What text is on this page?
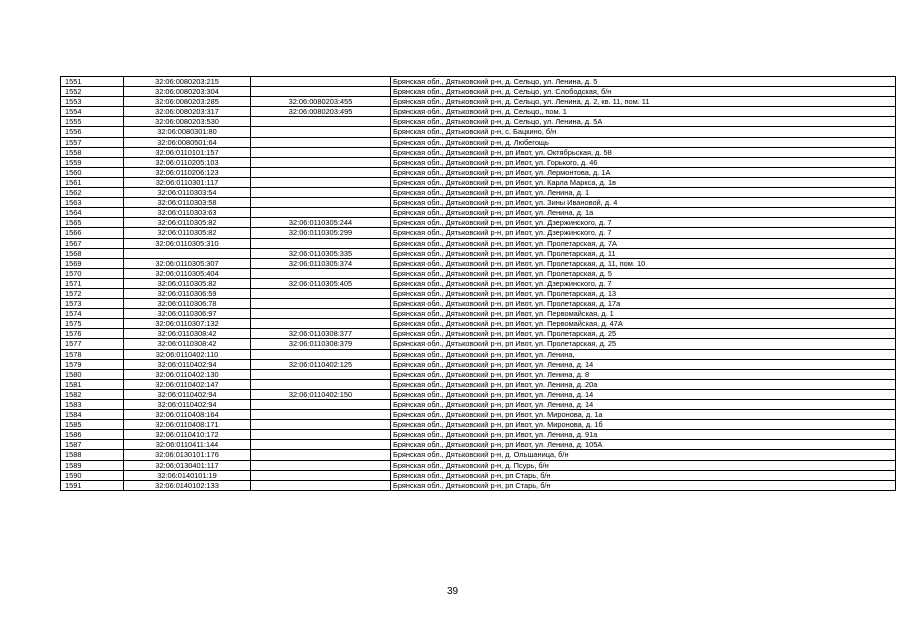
1551	32:06:0080203:215		Брянская обл., Дятьковский р-н, д. Сельцо, ул. Ленина, д. 5
1552	32:06:0080203:304		Брянская обл., Дятьковский р-н, д. Сельцо, ул. Слободская, б/н
1553	32:06:0080203:285	32:06:0080203:455	Брянская обл., Дятьковский р-н, д. Сельцо, ул. Ленина, д. 2, кв. 11, пом. 11
1554	32:06:0080203:317	32:06:0080203:495	Брянская обл., Дятьковский р-н, д. Сельцо,, пом. 1
1555	32:06:0080203:530		Брянская обл., Дятьковский р-н, д. Сельцо, ул. Ленина, д. 5А
1556	32:06:0080301:80		Брянская обл., Дятьковский р-н, с. Бацкино, б/н
1557	32:06:0080501:64		Брянская обл., Дятьковский р-н, д. Любегощь
1558	32:06:0110101:157		Брянская обл., Дятьковский р-н, рп Ивот, ул. Октябрьская, д. 58
1559	32:06:0110205:103		Брянская обл., Дятьковский р-н, рп Ивот, ул. Горького, д. 46
1560	32:06:0110206:123		Брянская обл., Дятьковский р-н, рп Ивот, ул. Лермонтова, д. 1А
1561	32:06:0110301:117		Брянская обл., Дятьковский р-н, рп Ивот, ул. Карла Маркса, д. 1в
1562	32:06:0110303:54		Брянская обл., Дятьковский р-н, рп Ивот, ул. Ленина, д. 1
1563	32:06:0110303:58		Брянская обл., Дятьковский р-н, рп Ивот, ул. Зины Ивановой, д. 4
1564	32:06:0110303:63		Брянская обл., Дятьковский р-н, рп Ивот, ул. Ленина, д. 1а
1565	32:06:0110305:82	32:06:0110305:244	Брянская обл., Дятьковский р-н, рп Ивот, ул. Дзержинского, д. 7
1566	32:06:0110305:82	32:06:0110305:299	Брянская обл., Дятьковский р-н, рп Ивот, ул. Дзержинского, д. 7
1567	32:06:0110305:310		Брянская обл., Дятьковский р-н, рп Ивот, ул. Пролетарская, д. 7А
1568		32:06:0110305:335	Брянская обл., Дятьковский р-н, рп Ивот, ул. Пролетарская, д. 11
1569	32:06:0110305:307	32:06:0110305:374	Брянская обл., Дятьковский р-н, рп Ивот, ул. Пролетарская, д. 11, пом. 10
1570	32:06:0110305:404		Брянская обл., Дятьковский р-н, рп Ивот, ул. Пролетарская, д. 5
1571	32:06:0110305:82	32:06:0110305:405	Брянская обл., Дятьковский р-н, рп Ивот, ул. Дзержинского, д. 7
1572	32:06:0110306:59		Брянская обл., Дятьковский р-н, рп Ивот, ул. Пролетарская, д. 13
1573	32:06:0110306:78		Брянская обл., Дятьковский р-н, рп Ивот, ул. Пролетарская, д. 17а
1574	32:06:0110306:97		Брянская обл., Дятьковский р-н, рп Ивот, ул. Первомайская, д. 1
1575	32:06:0110307:132		Брянская обл., Дятьковский р-н, рп Ивот, ул. Первомайская, д. 47А
1576	32:06:0110308:42	32:06:0110308:377	Брянская обл., Дятьковский р-н, рп Ивот, ул. Пролетарская, д. 25
1577	32:06:0110308:42	32:06:0110308:379	Брянская обл., Дятьковский р-н, рп Ивот, ул. Пролетарская, д. 25
1578	32:06:0110402:110		Брянская обл., Дятьковский р-н, рп Ивот, ул. Ленина,
1579	32:06:0110402:94	32:06:0110402:125	Брянская обл., Дятьковский р-н, рп Ивот, ул. Ленина, д. 14
1580	32:06:0110402:130		Брянская обл., Дятьковский р-н, рп Ивот, ул. Ленина, д. 8
1581	32:06:0110402:147		Брянская обл., Дятьковский р-н, рп Ивот, ул. Ленина, д. 20а
1582	32:06:0110402:94	32:06:0110402:150	Брянская обл., Дятьковский р-н, рп Ивот, ул. Ленина, д. 14
1583	32:06:0110402:94		Брянская обл., Дятьковский р-н, рп Ивот, ул. Ленина, д. 14
1584	32:06:0110408:164		Брянская обл., Дятьковский р-н, рп Ивот, ул. Миронова, д. 1а
1585	32:06:0110408:171		Брянская обл., Дятьковский р-н, рп Ивот, ул. Миронова, д. 1б
1586	32:06:0110410:172		Брянская обл., Дятьковский р-н, рп Ивот, ул. Ленина, д. 91а
1587	32:06:0110411:144		Брянская обл., Дятьковский р-н, рп Ивот, ул. Ленина, д. 105А
1588	32:06:0130101:176		Брянская обл., Дятьковский р-н, д. Ольшаница, б/н
1589	32:06:0130401:117		Брянская обл., Дятьковский р-н, д. Псурь, б/н
1590	32:06:0140101:19		Брянская обл., Дятьковский р-н, рп Старь, б/н
1591	32:06:0140102:133		Брянская обл., Дятьковский р-н, рп Старь, б/н
39
